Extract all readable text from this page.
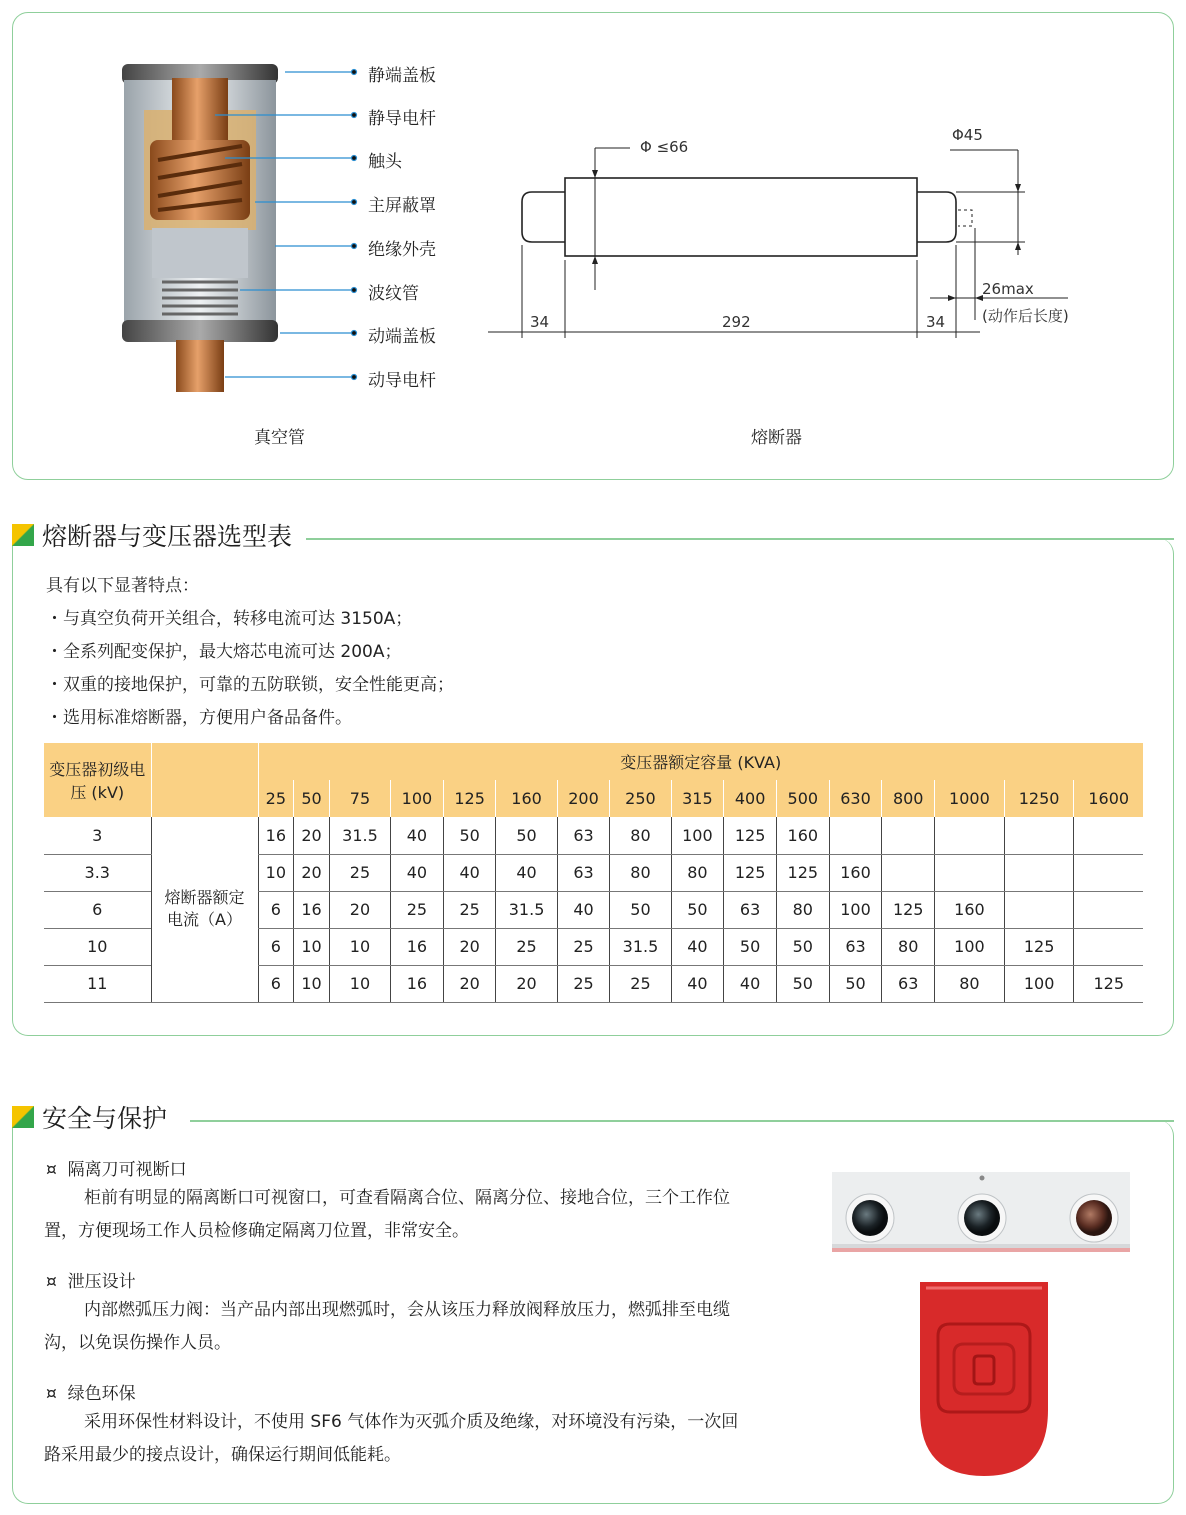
静端盖板
静导电杆
触头
主屏蔽罩
绝缘外壳
波纹管
动端盖板
动导电杆
真空管
Φ ≤66
Φ45
34	292	34
26max
(动作后长度)
熔断器
熔断器与变压器选型表
具有以下显著特点：
・与真空负荷开关组合，转移电流可达 3150A；
・全系列配变保护，最大熔芯电流可达 200A；
・双重的接地保护，可靠的五防联锁，安全性能更高；
・选用标准熔断器，方便用户备品备件。
变压器初级电压 (kV)		变压器额定容量 (KVA)															
		25	50	75	100	125	160	200	250	315	400	500	630	800	1000	1250	1600
3	熔断器额定电流（A）	16	20	31.5	40	50	50	63	80	100	125	160					
3.3		10	20	25	40	40	40	63	80	80	125	125	160				
6		6	16	20	25	25	31.5	40	50	50	63	80	100	125	160		
10		6	10	10	16	20	25	25	31.5	40	50	50	63	80	100	125	
11		6	10	10	16	20	20	25	25	40	40	50	50	63	80	100	125
安全与保护
¤ 隔离刀可视断口
柜前有明显的隔离断口可视窗口，可查看隔离合位、隔离分位、接地合位，三个工作位置，方便现场工作人员检修确定隔离刀位置，非常安全。
¤ 泄压设计
内部燃弧压力阀：当产品内部出现燃弧时，会从该压力释放阀释放压力，燃弧排至电缆沟，以免误伤操作人员。
¤ 绿色环保
采用环保性材料设计，不使用 SF6 气体作为灭弧介质及绝缘，对环境没有污染，一次回路采用最少的接点设计，确保运行期间低能耗。
